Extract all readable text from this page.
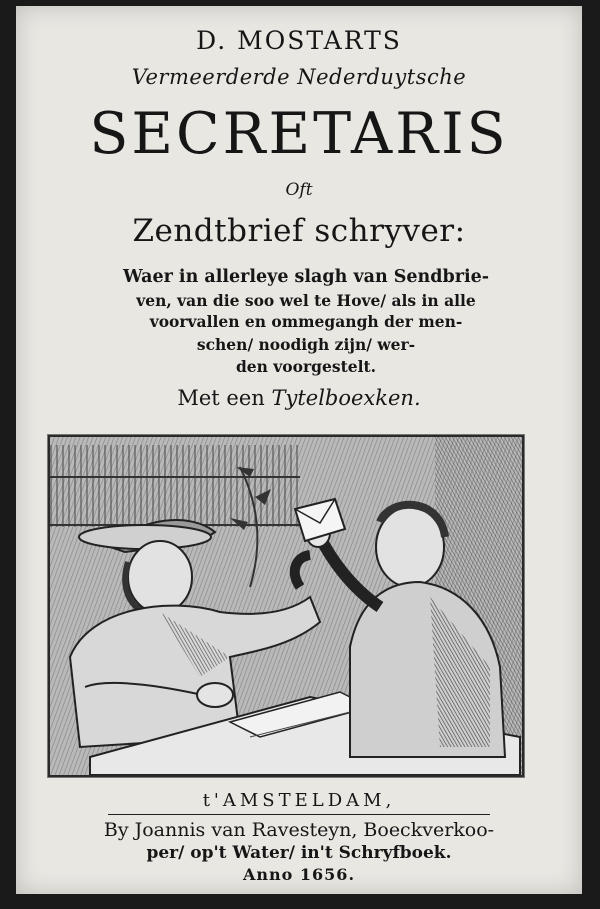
D. MOSTARTS
Vermeerderde Nederduytsche
SECRETARIS
Oft
Zendtbrief schryver:
Waer in allerleye slagh van Sendbrie-
ven, van die soo wel te Hove/ als in alle
voorvallen en ommegangh der men-
schen/ noodigh zijn/ wer-
den voorgestelt.
Met een Tytelboexken.
t'AMSTELDAM,
By Joannis van Ravesteyn, Boeckverkoo-
per/ op't Water/ in't Schryfboek.
Anno 1656.
